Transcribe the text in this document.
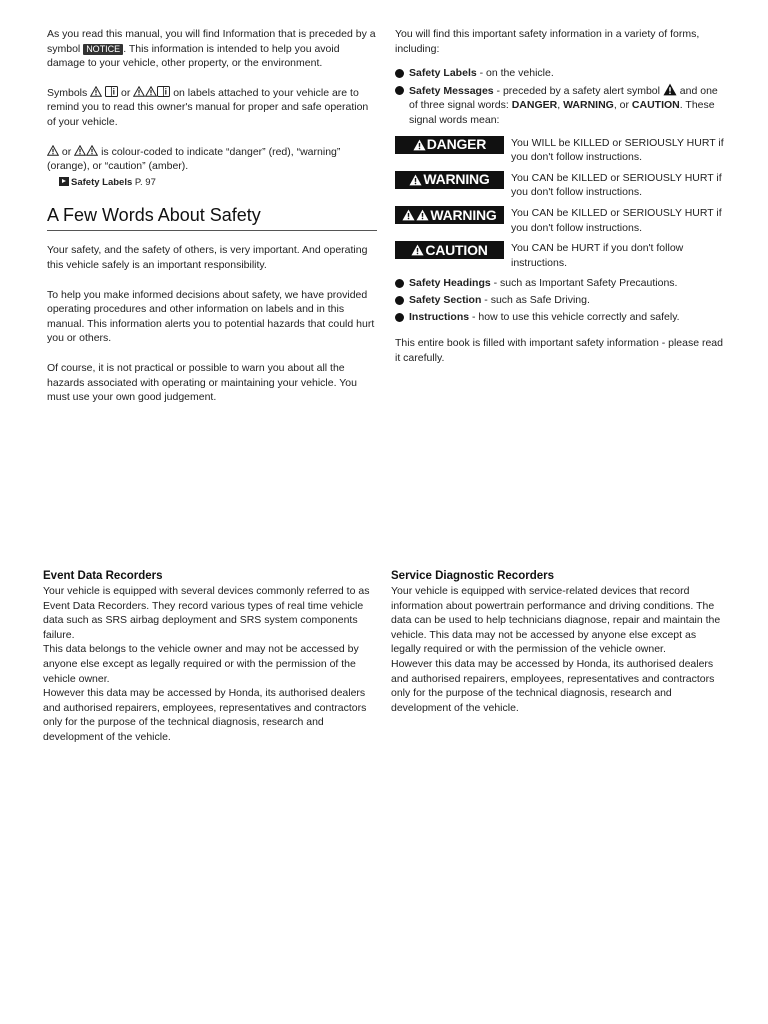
As you read this manual, you will find Information that is preceded by a symbol NOTICE . This information is intended to help you avoid damage to your vehicle, other property, or the environment.

Symbols	or	on labels attached to your vehicle are to remind you to read this owner's manual for proper and safe operation of your vehicle.

or  is colour-coded to indicate “danger” (red), “warning” (orange), or “caution” (amber).

Safety Labels P. 97
A Few Words About Safety

Your safety, and the safety of others, is very important. And operating this vehicle safely is an important responsibility.

To help you make informed decisions about safety, we have provided operating procedures and other information on labels and in this manual. This information alerts you to potential hazards that could hurt you or others.

Of course, it is not practical or possible to warn you about all the hazards associated with operating or maintaining your vehicle. You must use your own good judgement.

You will find this important safety information in a variety of forms, including:

Safety Labels - on the vehicle.
Safety Messages - preceded by a safety alert symbol  and one of three signal words: DANGER, WARNING, or CAUTION. These signal words mean:
DANGER You WILL be KILLED or SERIOUSLY HURT if you don't follow instructions.
WARNING You CAN be KILLED or SERIOUSLY HURT if you don't follow instructions.
WARNING You CAN be KILLED or SERIOUSLY HURT if you don't follow instructions.
CAUTION You CAN be HURT if you don't follow instructions.
Safety Headings - such as Important Safety Precautions.
Safety Section - such as Safe Driving.
Instructions - how to use this vehicle correctly and safely.

This entire book is filled with important safety information - please read it carefully.

Event Data Recorders

Your vehicle is equipped with several devices commonly referred to as Event Data Recorders. They record various types of real time vehicle data such as SRS airbag deployment and SRS system components failure.

This data belongs to the vehicle owner and may not be accessed by anyone else except as legally required or with the permission of the vehicle owner.

However this data may be accessed by Honda, its authorised dealers and authorised repairers, employees, representatives and contractors only for the purpose of the technical diagnosis, research and development of the vehicle.

Service Diagnostic Recorders

Your vehicle is equipped with service-related devices that record information about powertrain performance and driving conditions. The data can be used to help technicians diagnose, repair and maintain the vehicle. This data may not be accessed by anyone else except as legally required or with the permission of the vehicle owner.

However this data may be accessed by Honda, its authorised dealers and authorised repairers, employees, representatives and contractors only for the purpose of the technical diagnosis, research and development of the vehicle.
